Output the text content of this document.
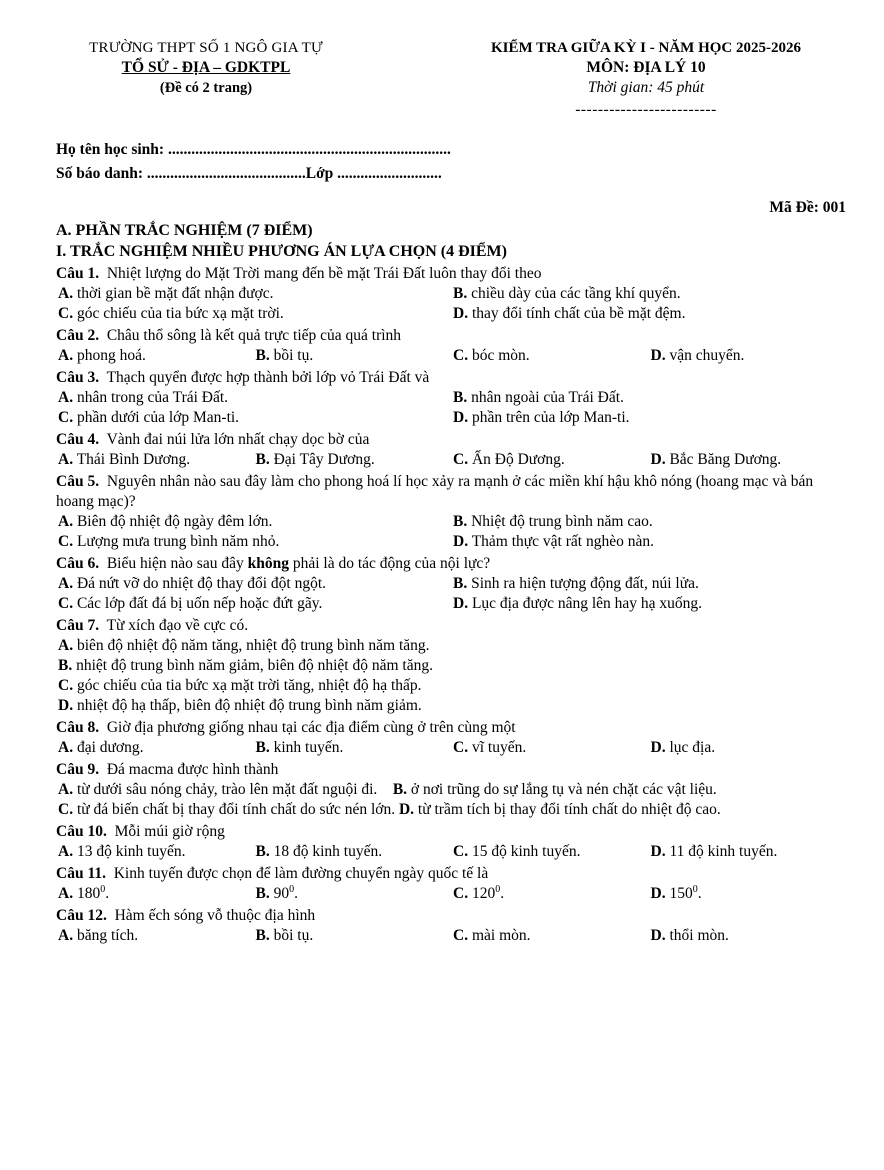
TRƯỜNG THPT SỐ 1 NGÔ GIA TỰ
TỔ SỬ - ĐỊA – GDKTPL
(Đề có 2 trang)
KIỂM TRA GIỮA KỲ I - NĂM HỌC 2025-2026
MÔN: ĐỊA LÝ 10
Thời gian: 45 phút
-------------------------
Họ tên học sinh: .........................................................................
Số báo danh: .........................................Lớp ...........................
Mã Đề: 001
A. PHẦN TRẮC NGHIỆM (7 ĐIỂM)
I. TRẮC NGHIỆM NHIỀU PHƯƠNG ÁN LỰA CHỌN (4 ĐIỂM)
Câu 1. Nhiệt lượng do Mặt Trời mang đến bề mặt Trái Đất luôn thay đổi theo
A. thời gian bề mặt đất nhận được.	B. chiều dày của các tầng khí quyển.
C. góc chiếu của tia bức xạ mặt trời.	D. thay đổi tính chất của bề mặt đệm.
Câu 2. Châu thổ sông là kết quả trực tiếp của quá trình
A. phong hoá.	B. bồi tụ.	C. bóc mòn.	D. vận chuyển.
Câu 3. Thạch quyển được hợp thành bởi lớp vỏ Trái Đất và
A. nhân trong của Trái Đất.	B. nhân ngoài của Trái Đất.
C. phần dưới của lớp Man-ti.	D. phần trên của lớp Man-ti.
Câu 4. Vành đai núi lửa lớn nhất chạy dọc bờ của
A. Thái Bình Dương.	B. Đại Tây Dương.	C. Ấn Độ Dương.	D. Bắc Băng Dương.
Câu 5. Nguyên nhân nào sau đây làm cho phong hoá lí học xảy ra mạnh ở các miền khí hậu khô nóng (hoang mạc và bán hoang mạc)?
A. Biên độ nhiệt độ ngày đêm lớn.	B. Nhiệt độ trung bình năm cao.
C. Lượng mưa trung bình năm nhỏ.	D. Thảm thực vật rất nghèo nàn.
Câu 6. Biểu hiện nào sau đây không phải là do tác động của nội lực?
A. Đá nứt vỡ do nhiệt độ thay đổi đột ngột.	B. Sinh ra hiện tượng động đất, núi lửa.
C. Các lớp đất đá bị uốn nếp hoặc đứt gãy.	D. Lục địa được nâng lên hay hạ xuống.
Câu 7. Từ xích đạo về cực có.
A. biên độ nhiệt độ năm tăng, nhiệt độ trung bình năm tăng.
B. nhiệt độ trung bình năm giảm, biên độ nhiệt độ năm tăng.
C. góc chiếu của tia bức xạ mặt trời tăng, nhiệt độ hạ thấp.
D. nhiệt độ hạ thấp, biên độ nhiệt độ trung bình năm giảm.
Câu 8. Giờ địa phương giống nhau tại các địa điểm cùng ở trên cùng một
A. đại dương.	B. kinh tuyến.	C. vĩ tuyến.	D. lục địa.
Câu 9. Đá macma được hình thành
A. từ dưới sâu nóng chảy, trào lên mặt đất nguội đi. B. ở nơi trũng do sự lắng tụ và nén chặt các vật liệu.
C. từ đá biến chất bị thay đổi tính chất do sức nén lớn. D. từ trầm tích bị thay đổi tính chất do nhiệt độ cao.
Câu 10. Mỗi múi giờ rộng
A. 13 độ kinh tuyến.	B. 18 độ kinh tuyến.	C. 15 độ kinh tuyến.	D. 11 độ kinh tuyến.
Câu 11. Kinh tuyến được chọn để làm đường chuyển ngày quốc tế là
A. $180^0$.	B. $90^0$.	C. $120^0$.	D. $150^0$.
Câu 12. Hàm ếch sóng vỗ thuộc địa hình
A. băng tích.	B. bồi tụ.	C. mài mòn.	D. thổi mòn.
